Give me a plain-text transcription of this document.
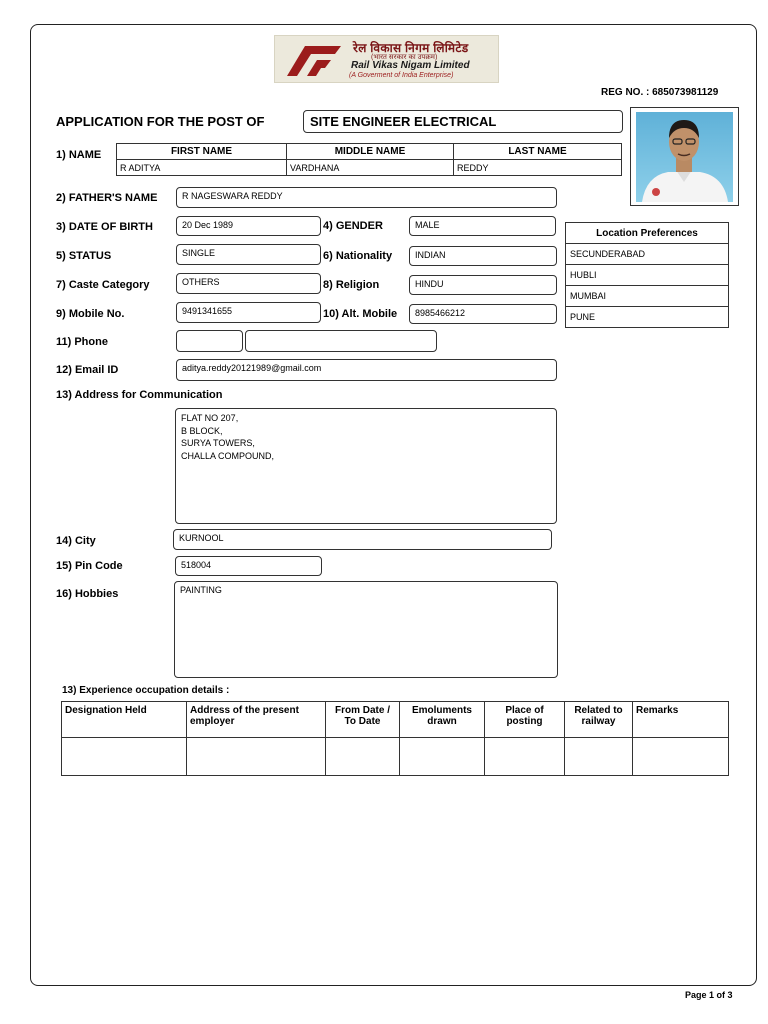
रेल विकास निगम लिमिटेड
(भारत सरकार का उपक्रम)
Rail Vikas Nigam Limited
(A Goverment of India Enterprise)
REG NO. : 685073981129
APPLICATION FOR THE POST OF	SITE ENGINEER ELECTRICAL
1) NAME	FIRST NAME	MIDDLE NAME	LAST NAME
R ADITYA	VARDHANA	REDDY
2) FATHER'S NAME	R NAGESWARA REDDY
3) DATE OF BIRTH	20 Dec 1989	4) GENDER	MALE
Location Preferences
SECUNDERABAD
HUBLI
MUMBAI
PUNE
5) STATUS	SINGLE	6) Nationality	INDIAN
7) Caste Category	OTHERS	8) Religion	HINDU
9) Mobile No.	9491341655	10) Alt. Mobile	8985466212
11) Phone
12) Email ID	aditya.reddy20121989@gmail.com
13) Address for Communication
FLAT NO 207,
B BLOCK,
SURYA TOWERS,
CHALLA COMPOUND,
14) City	KURNOOL
15) Pin Code	518004
16) Hobbies	PAINTING
13) Experience occupation details :
Designation Held	Address of the present employer	From Date / To Date	Emoluments drawn	Place of posting	Related to railway	Remarks

Page 1 of 3
